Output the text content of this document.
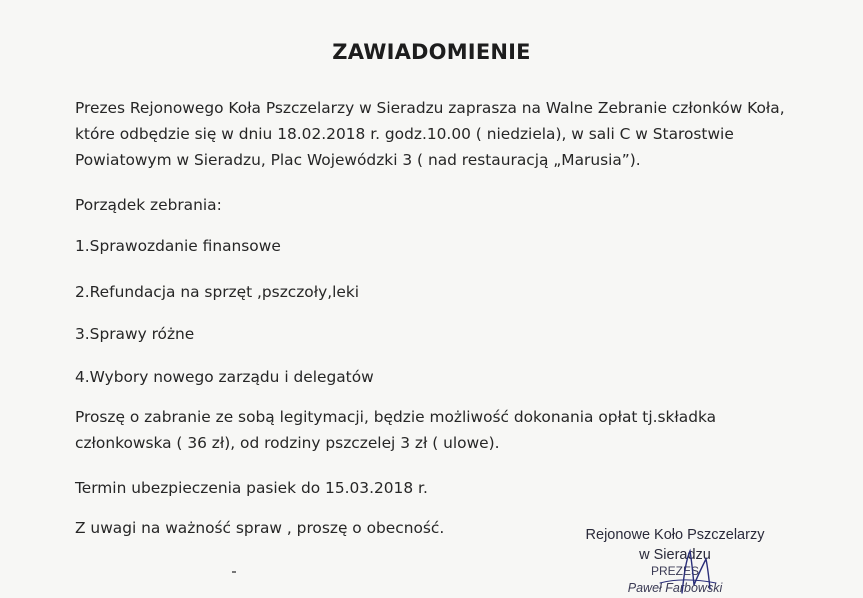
ZAWIADOMIENIE
Prezes Rejonowego Koła Pszczelarzy w Sieradzu zaprasza na Walne Zebranie członków Koła,
które odbędzie się w dniu 18.02.2018 r. godz.10.00 ( niedziela), w sali C w Starostwie
Powiatowym w Sieradzu, Plac Wojewódzki 3 ( nad restauracją „Marusia”).
Porządek zebrania:
1.Sprawozdanie finansowe
2.Refundacja na sprzęt ,pszczoły,leki
3.Sprawy różne
4.Wybory nowego zarządu i delegatów
Proszę o zabranie ze sobą legitymacji, będzie możliwość dokonania opłat tj.składka
członkowska ( 36 zł), od rodziny pszczelej 3 zł ( ulowe).
Termin ubezpieczenia pasiek do 15.03.2018 r.
Z uwagi na ważność spraw , proszę o obecność.	Rejonowe Koło Pszczelarzy
w Sieradzu
PREZES
Paweł Farbowski
